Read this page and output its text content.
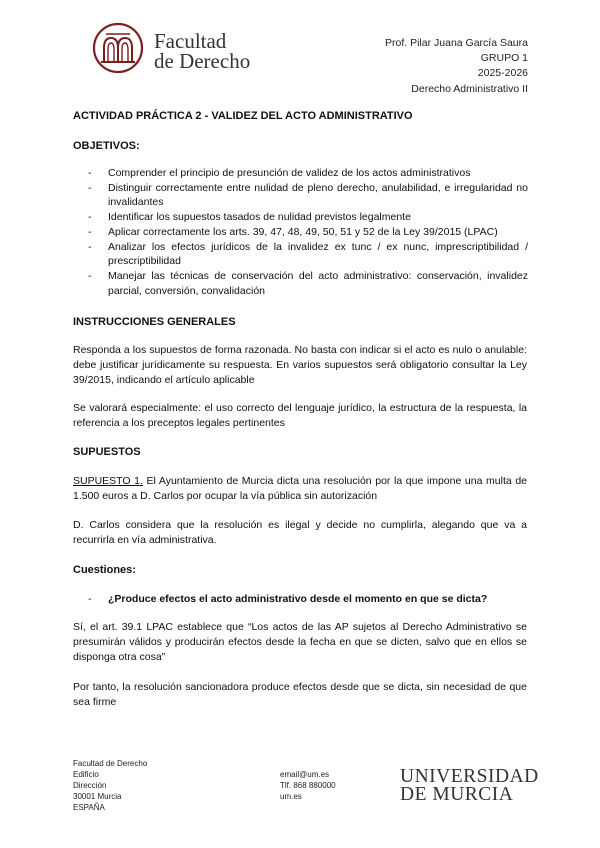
Facultad
de Derecho
Prof. Pilar Juana García Saura
GRUPO 1
2025-2026
Derecho Administrativo II
ACTIVIDAD PRÁCTICA 2 - VALIDEZ DEL ACTO ADMINISTRATIVO
OBJETIVOS:
- Comprender el principio de presunción de validez de los actos administrativos
- Distinguir correctamente entre nulidad de pleno derecho, anulabilidad, e irregularidad no invalidantes
- Identificar los supuestos tasados de nulidad previstos legalmente
- Aplicar correctamente los arts. 39, 47, 48, 49, 50, 51 y 52 de la Ley 39/2015 (LPAC)
- Analizar los efectos jurídicos de la invalidez ex tunc / ex nunc, imprescriptibilidad / prescriptibilidad
- Manejar las técnicas de conservación del acto administrativo: conservación, invalidez parcial, conversión, convalidación
INSTRUCCIONES GENERALES

Responda a los supuestos de forma razonada. No basta con indicar si el acto es nulo o anulable: debe justificar jurídicamente su respuesta. En varios supuestos será obligatorio consultar la Ley 39/2015, indicando el artículo aplicable

Se valorará especialmente: el uso correcto del lenguaje jurídico, la estructura de la respuesta, la referencia a los preceptos legales pertinentes

SUPUESTOS

SUPUESTO 1. El Ayuntamiento de Murcia dicta una resolución por la que impone una multa de 1.500 euros a D. Carlos por ocupar la vía pública sin autorización

D. Carlos considera que la resolución es ilegal y decide no cumplirla, alegando que va a recurrirla en vía administrativa.

Cuestiones:
- ¿Produce efectos el acto administrativo desde el momento en que se dicta?

Sí, el art. 39.1 LPAC establece que “Los actos de las AP sujetos al Derecho Administrativo se presumirán válidos y producirán efectos desde la fecha en que se dicten, salvo que en ellos se disponga otra cosa”

Por tanto, la resolución sancionadora produce efectos desde que se dicta, sin necesidad de que sea firme

Facultad de Derecho
Edificio
Dirección
30001 Murcia
ESPAÑA
email@um.es
Tlf. 868 880000
um.es
UNIVERSIDAD
DE MURCIA
